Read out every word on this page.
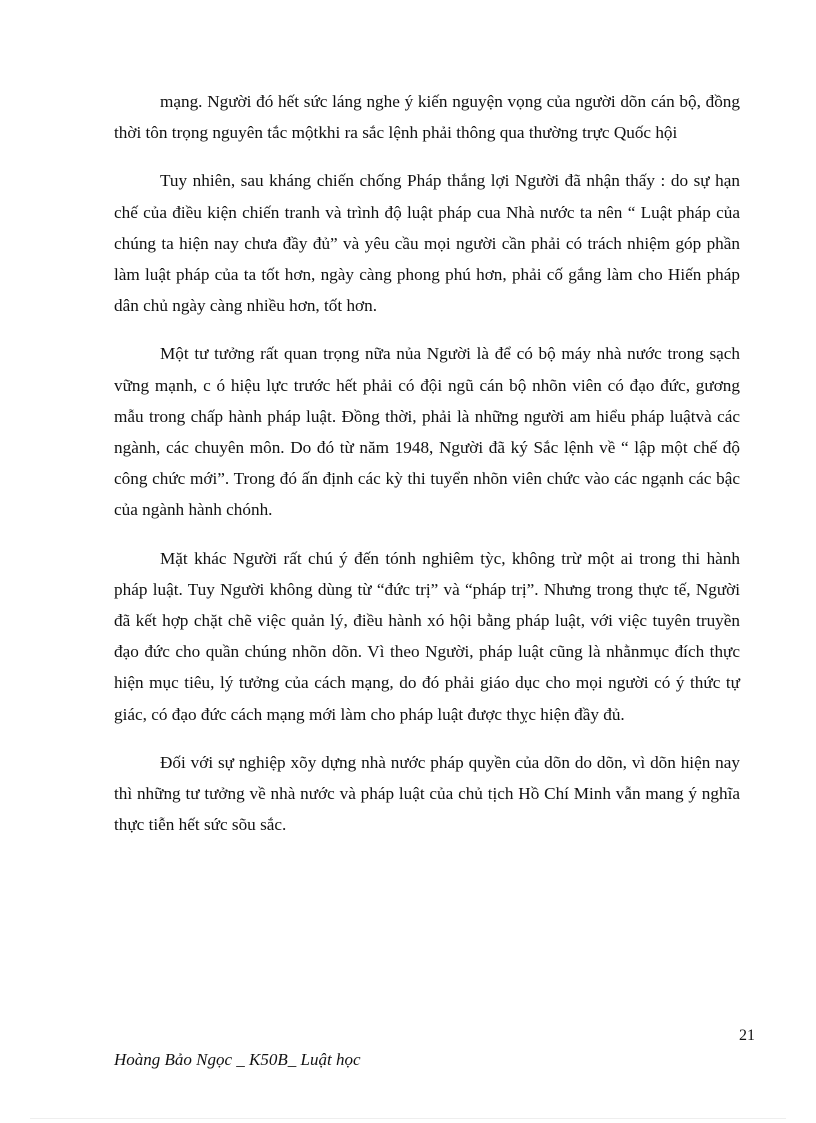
mạng. Người đó hết sức láng nghe ý kiến nguyện vọng của người dõn cán bộ, đồng thời tôn trọng nguyên tắc mộtkhi ra sắc lệnh phải thông qua thường trực Quốc hội

Tuy nhiên, sau kháng chiến chống Pháp thắng lợi Người đã nhận thấy : do sự hạn chế của điều kiện chiến tranh và trình độ luật pháp cua Nhà nước ta nên “ Luật pháp của chúng ta hiện nay chưa đầy đủ” và yêu cầu mọi người cần phải có trách nhiệm góp phần làm luật pháp của ta tốt hơn, ngày càng phong phú hơn, phải cố gắng làm cho Hiến pháp dân chủ ngày càng nhiều hơn, tốt hơn.

Một tư tưởng rất quan trọng nữa nủa Người là để có bộ máy nhà nước trong sạch vững mạnh, c ó hiệu lực trước hết phải có đội ngũ cán bộ nhõn viên có đạo đức, gương mẫu trong chấp hành pháp luật. Đồng thời, phải là những người am hiểu pháp luậtvà các ngành, các chuyên môn. Do đó từ năm 1948, Người đã ký Sắc lệnh về “ lập một chế độ công chức mới”. Trong đó ấn định các kỳ thi tuyển nhõn viên chức vào các ngạnh các bậc của ngành hành chónh.

Mặt khác Người rất chú ý đến tónh nghiêm tỳc, không trừ một ai trong thi hành pháp luật. Tuy Người không dùng từ “đức trị” và “pháp trị”. Nhưng trong thực tế, Người đã kết hợp chặt chẽ việc quản lý, điều hành xó hội bằng pháp luật, với việc tuyên truyền đạo đức cho quần chúng nhõn dõn. Vì theo Người, pháp luật cũng là nhằnmục đích thực hiện mục tiêu, lý tưởng của cách mạng, do đó phải giáo dục cho mọi người có ý thức tự giác, có đạo đức cách mạng mới làm cho pháp luật được thỵc hiện đầy đủ.

Đối với sự nghiệp xõy dựng nhà nước pháp quyền của dõn do dõn, vì dõn hiện nay thì những tư tưởng về nhà nước và pháp luật của chủ tịch Hồ Chí Minh vẫn mang ý nghĩa thực tiễn hết sức sõu sắc.

21
Hoàng Bảo Ngọc _ K50B_ Luật học
